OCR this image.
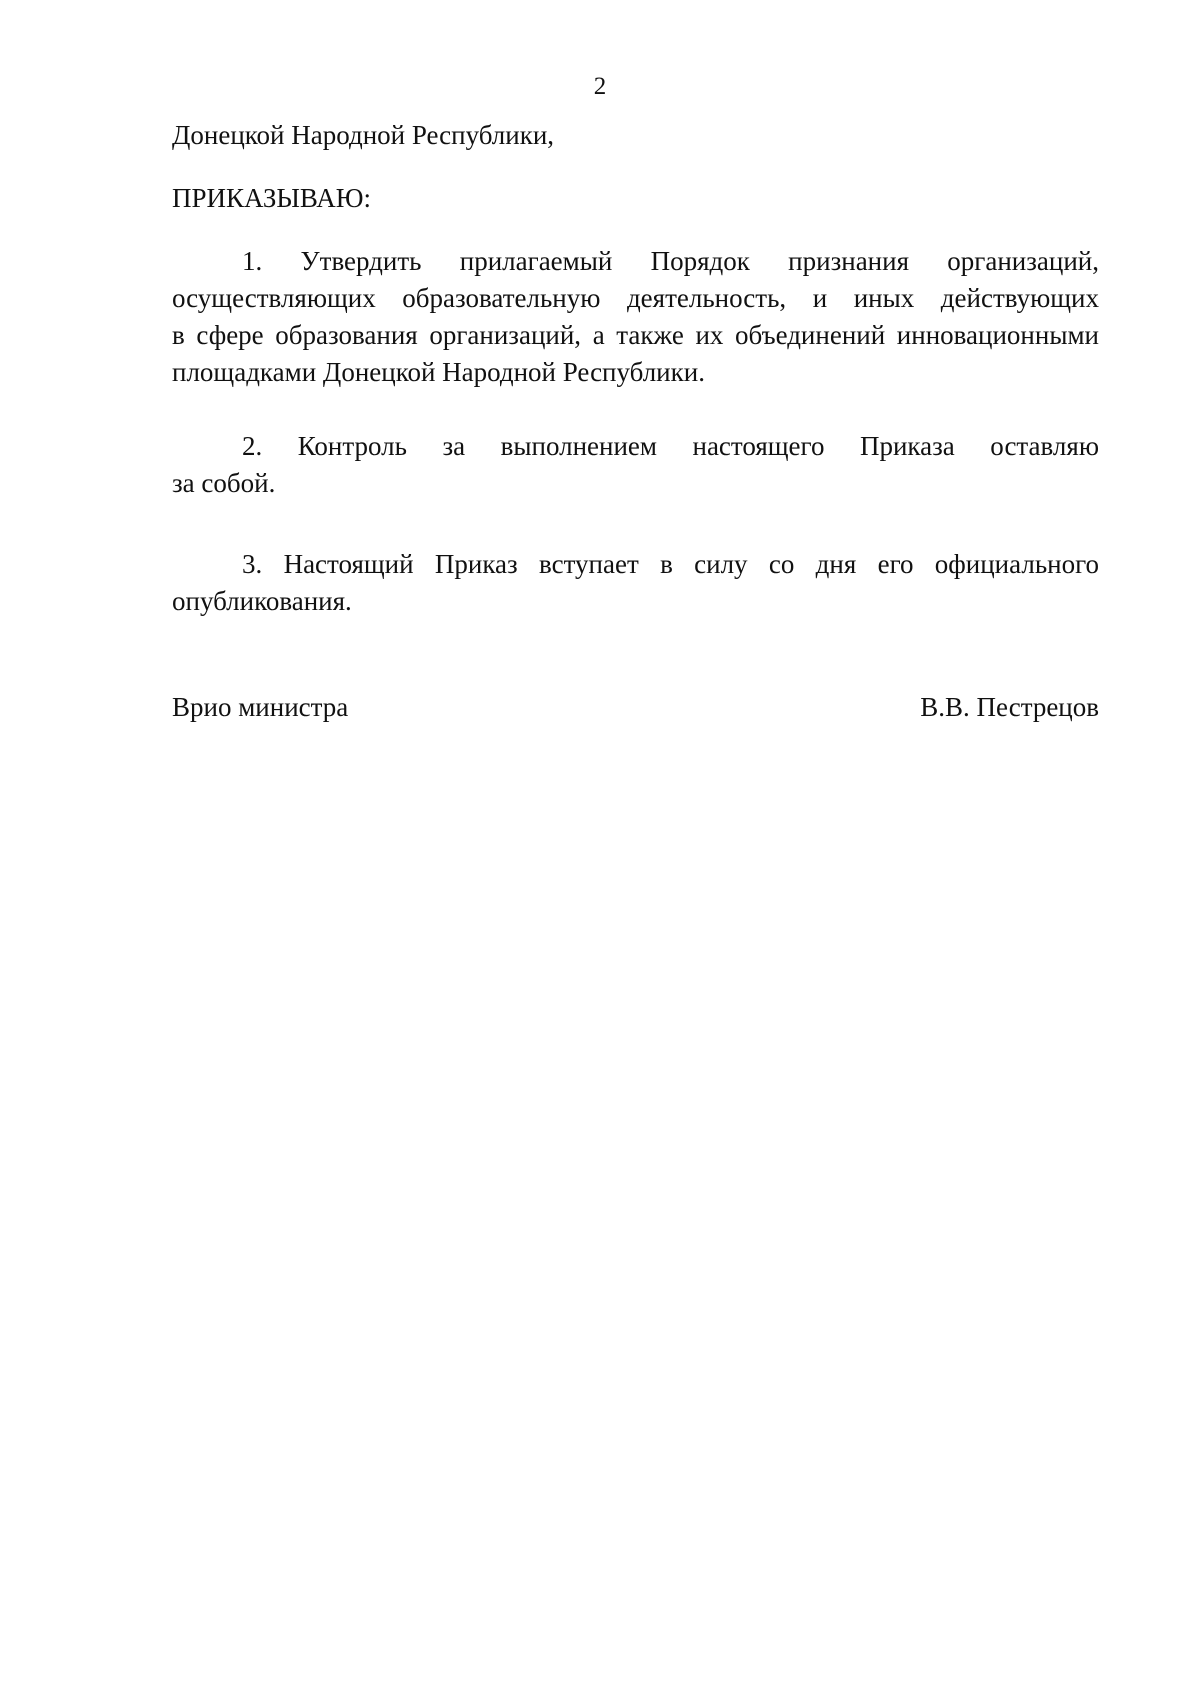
2
Донецкой Народной Республики,
ПРИКАЗЫВАЮ:
1. Утвердить прилагаемый Порядок признания организаций,
осуществляющих образовательную деятельность, и иных действующих
в сфере образования организаций, а также их объединений инновационными
площадками Донецкой Народной Республики.
2. Контроль за выполнением настоящего Приказа оставляю
за собой.
3. Настоящий Приказ вступает в силу со дня его официального
опубликования.
Врио министра	В.В. Пестрецов
